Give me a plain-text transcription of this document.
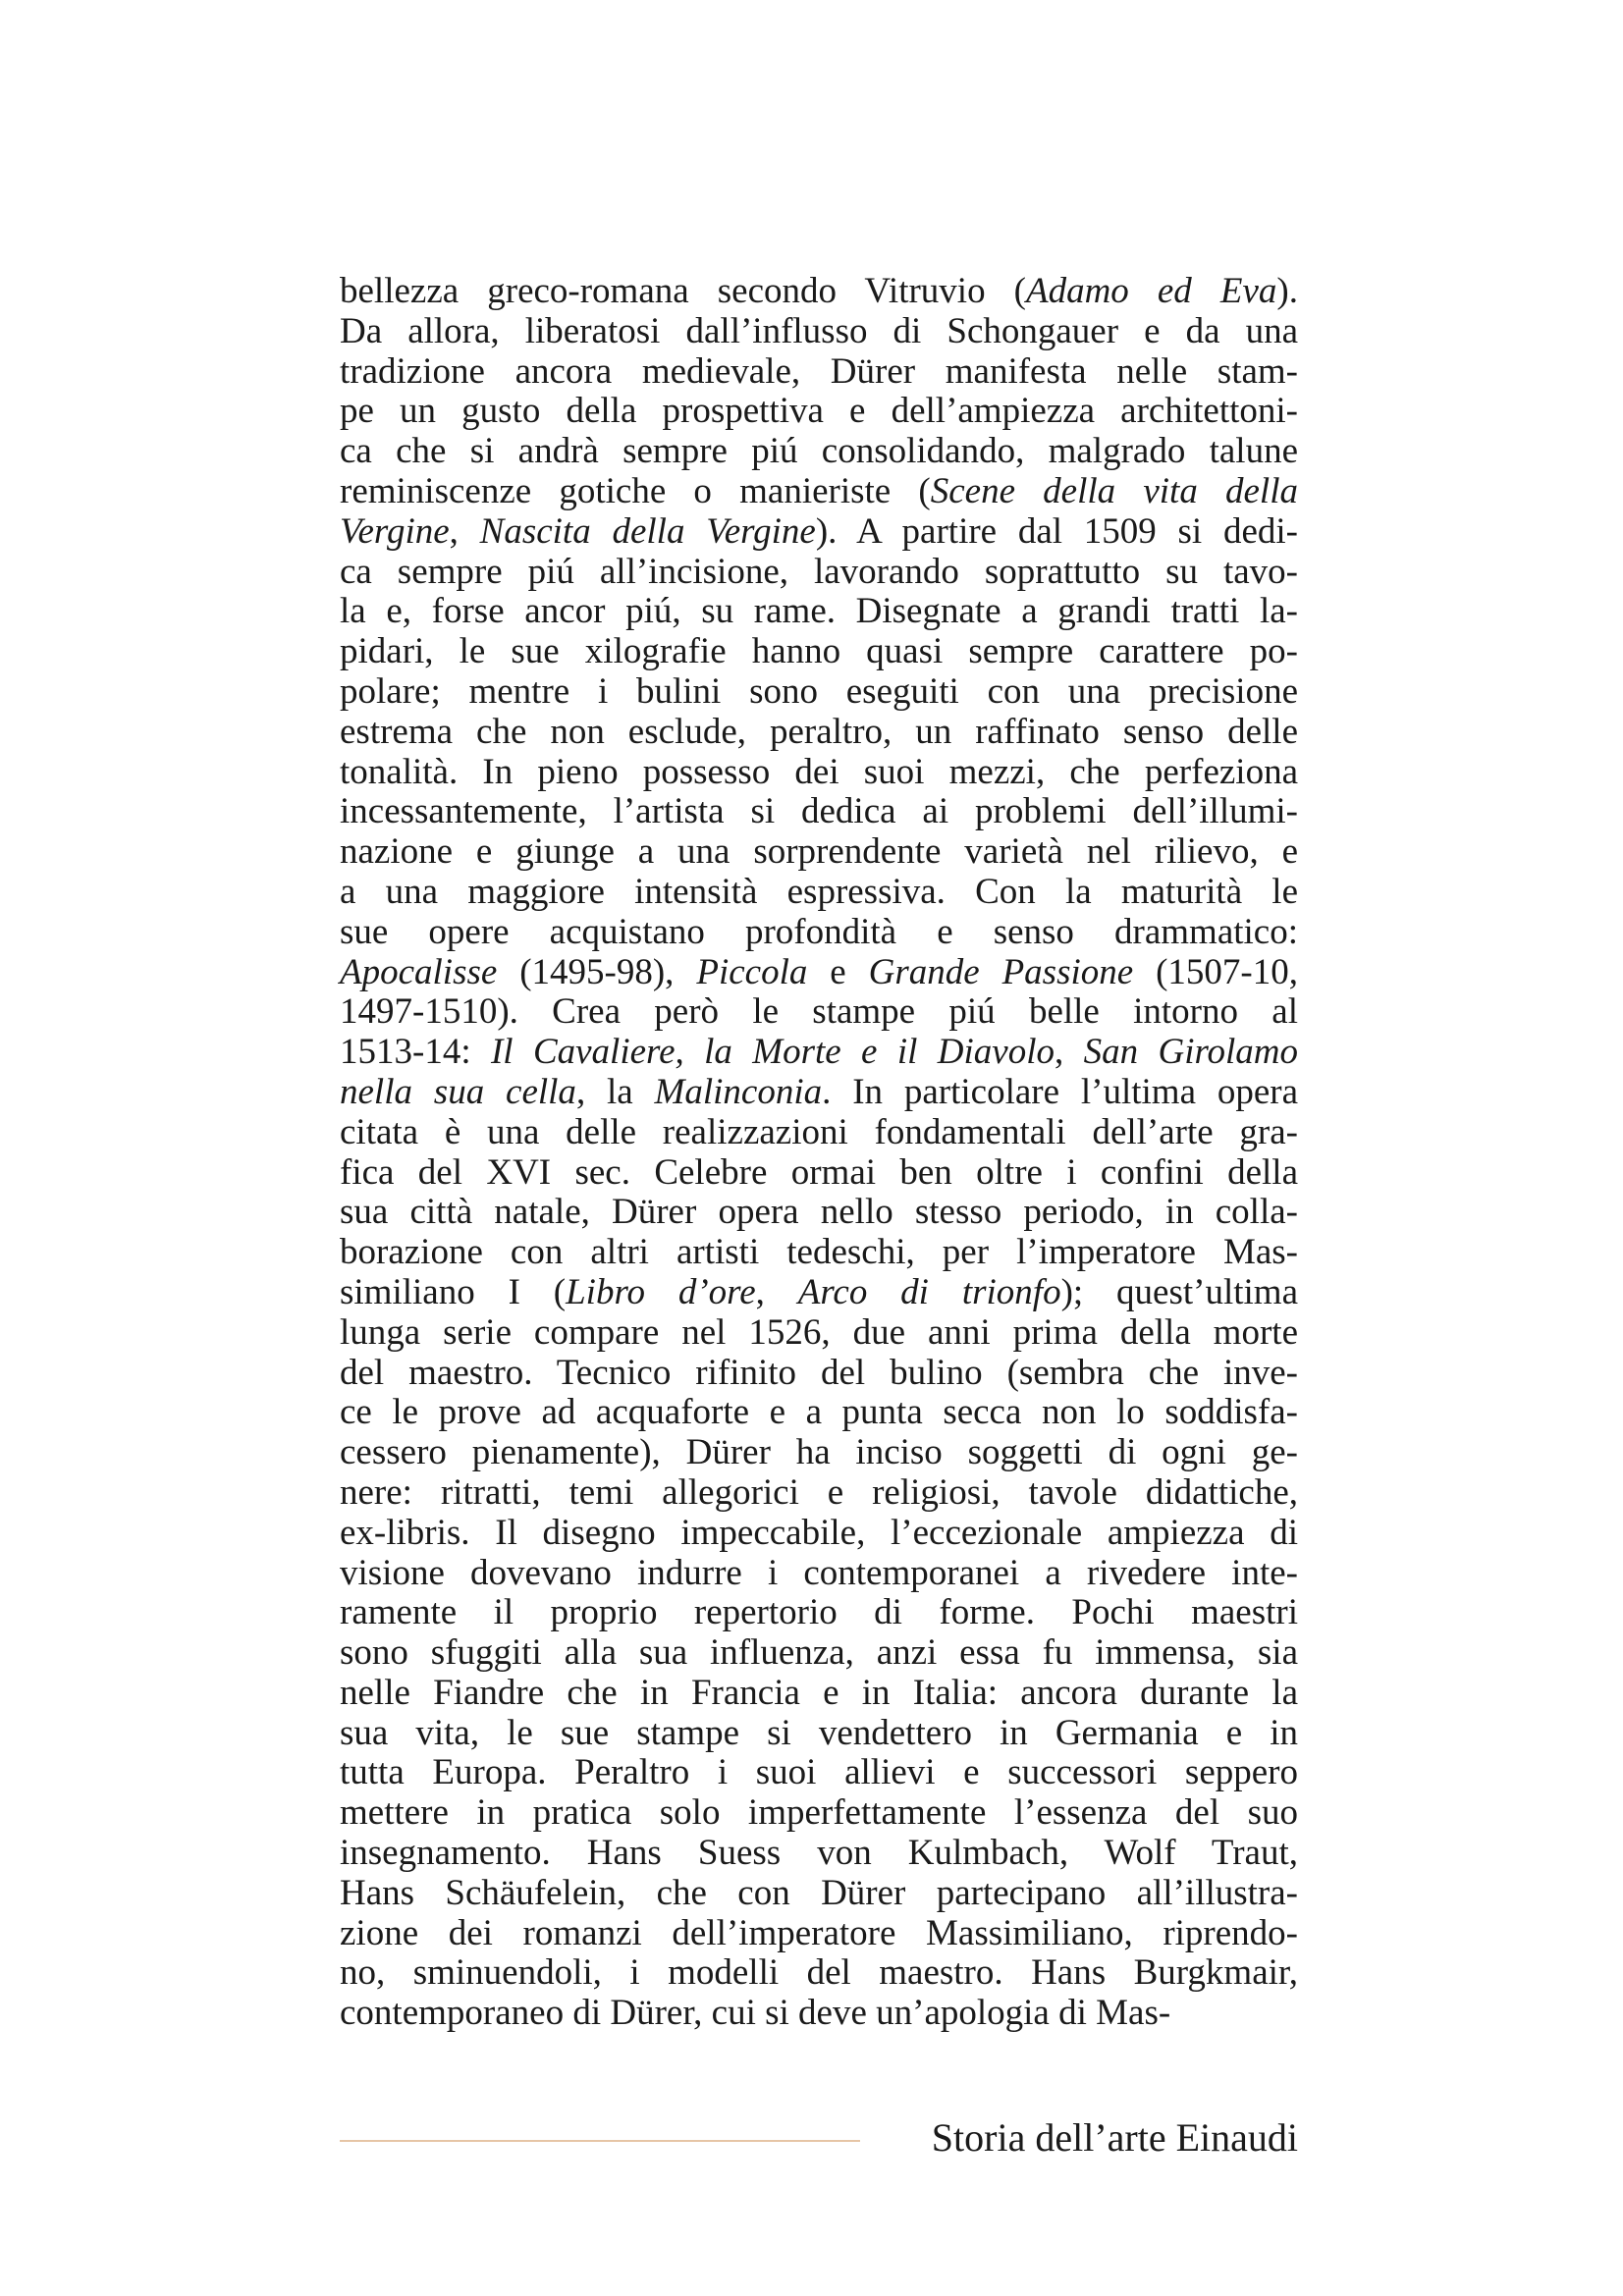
bellezza greco-romana secondo Vitruvio (Adamo ed Eva).
Da allora, liberatosi dall’influsso di Schongauer e da una
tradizione ancora medievale, Dürer manifesta nelle stam-
pe un gusto della prospettiva e dell’ampiezza architettoni-
ca che si andrà sempre piú consolidando, malgrado talune
reminiscenze gotiche o manieriste (Scene della vita della
Vergine, Nascita della Vergine). A partire dal 1509 si dedi-
ca sempre piú all’incisione, lavorando soprattutto su tavo-
la e, forse ancor piú, su rame. Disegnate a grandi tratti la-
pidari, le sue xilografie hanno quasi sempre carattere po-
polare; mentre i bulini sono eseguiti con una precisione
estrema che non esclude, peraltro, un raffinato senso delle
tonalità. In pieno possesso dei suoi mezzi, che perfeziona
incessantemente, l’artista si dedica ai problemi dell’illumi-
nazione e giunge a una sorprendente varietà nel rilievo, e
a una maggiore intensità espressiva. Con la maturità le
sue opere acquistano profondità e senso drammatico:
Apocalisse (1495-98), Piccola e Grande Passione (1507-10,
1497-1510). Crea però le stampe piú belle intorno al
1513-14: Il Cavaliere, la Morte e il Diavolo, San Girolamo
nella sua cella, la Malinconia. In particolare l’ultima opera
citata è una delle realizzazioni fondamentali dell’arte gra-
fica del XVI sec. Celebre ormai ben oltre i confini della
sua città natale, Dürer opera nello stesso periodo, in colla-
borazione con altri artisti tedeschi, per l’imperatore Mas-
similiano I (Libro d’ore, Arco di trionfo); quest’ultima
lunga serie compare nel 1526, due anni prima della morte
del maestro. Tecnico rifinito del bulino (sembra che inve-
ce le prove ad acquaforte e a punta secca non lo soddisfa-
cessero pienamente), Dürer ha inciso soggetti di ogni ge-
nere: ritratti, temi allegorici e religiosi, tavole didattiche,
ex-libris. Il disegno impeccabile, l’eccezionale ampiezza di
visione dovevano indurre i contemporanei a rivedere inte-
ramente il proprio repertorio di forme. Pochi maestri
sono sfuggiti alla sua influenza, anzi essa fu immensa, sia
nelle Fiandre che in Francia e in Italia: ancora durante la
sua vita, le sue stampe si vendettero in Germania e in
tutta Europa. Peraltro i suoi allievi e successori seppero
mettere in pratica solo imperfettamente l’essenza del suo
insegnamento. Hans Suess von Kulmbach, Wolf Traut,
Hans Schäufelein, che con Dürer partecipano all’illustra-
zione dei romanzi dell’imperatore Massimiliano, riprendo-
no, sminuendoli, i modelli del maestro. Hans Burgkmair,
contemporaneo di Dürer, cui si deve un’apologia di Mas-
Storia dell’arte Einaudi
